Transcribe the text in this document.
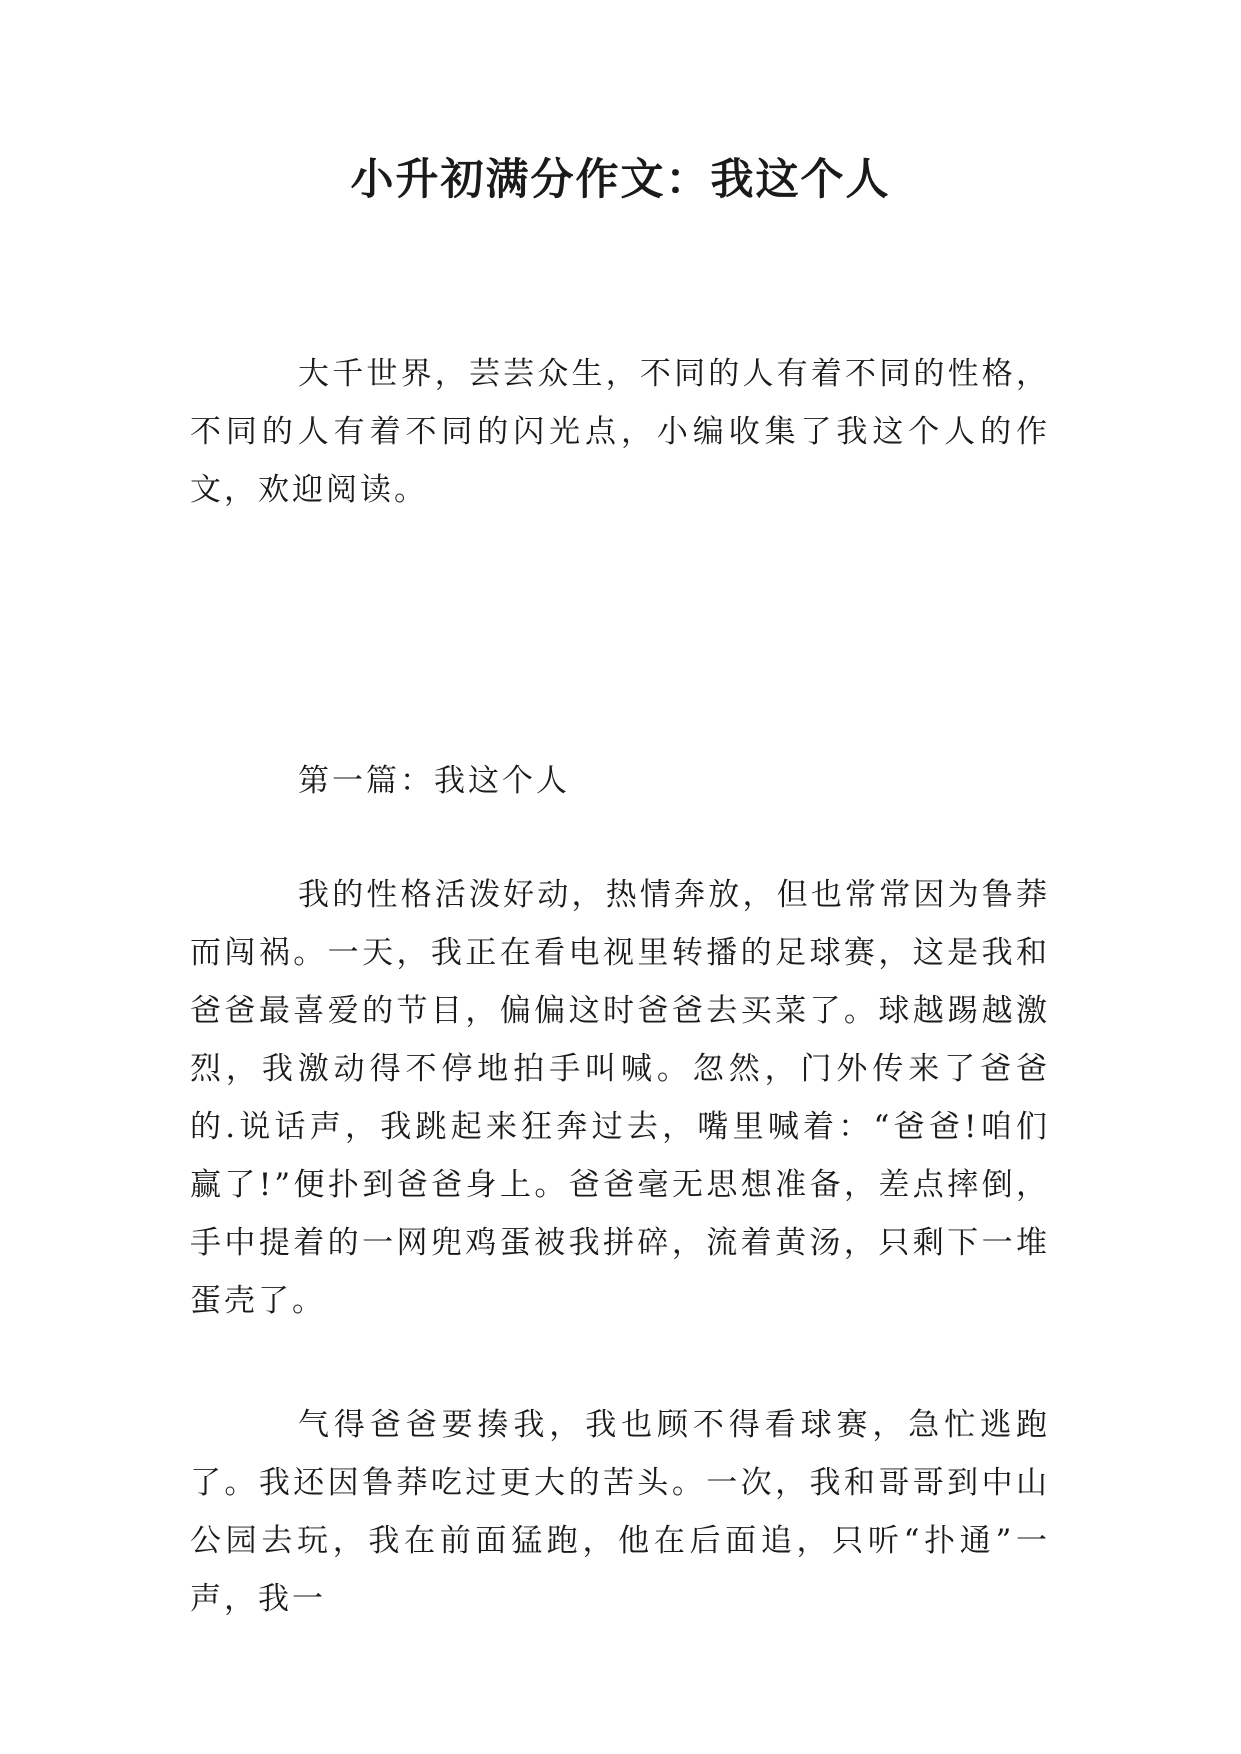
小升初满分作文：我这个人

大千世界，芸芸众生，不同的人有着不同的性格，不同的人有着不同的闪光点，小编收集了我这个人的作文，欢迎阅读。

第一篇：我这个人

我的性格活泼好动，热情奔放，但也常常因为鲁莽而闯祸。一天，我正在看电视里转播的足球赛，这是我和爸爸最喜爱的节目，偏偏这时爸爸去买菜了。球越踢越激烈，我激动得不停地拍手叫喊。忽然，门外传来了爸爸的.说话声，我跳起来狂奔过去，嘴里喊着：“爸爸!咱们赢了!”便扑到爸爸身上。爸爸毫无思想准备，差点摔倒，手中提着的一网兜鸡蛋被我拼碎，流着黄汤，只剩下一堆蛋壳了。

气得爸爸要揍我，我也顾不得看球赛，急忙逃跑了。我还因鲁莽吃过更大的苦头。一次，我和哥哥到中山公园去玩，我在前面猛跑，他在后面追，只听“扑通”一声，我一
